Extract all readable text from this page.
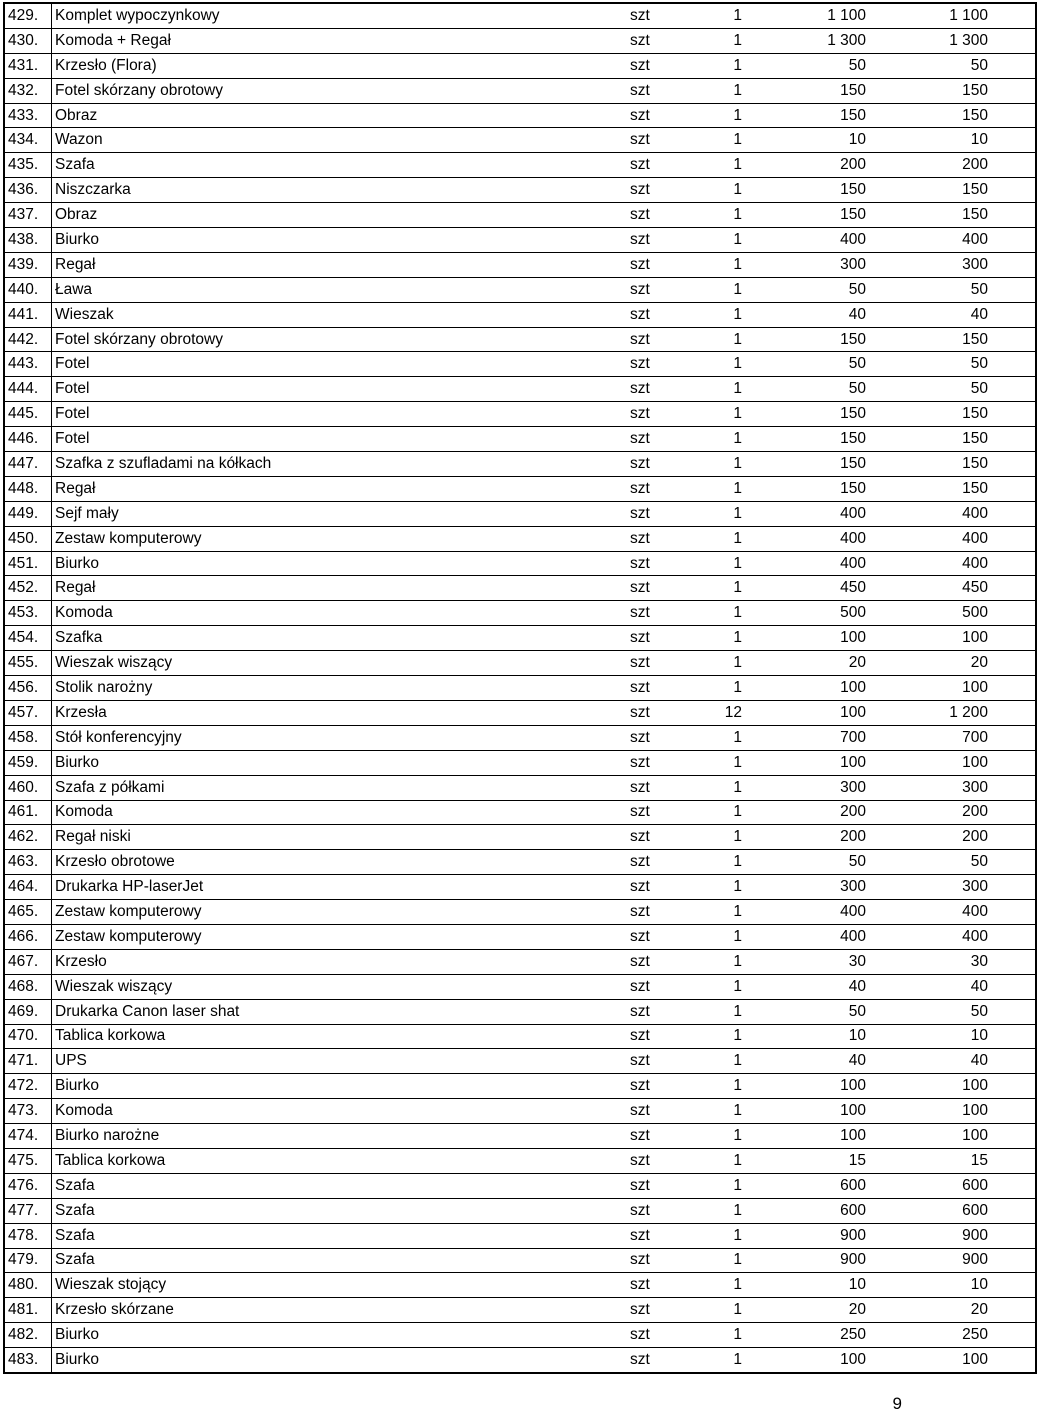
429.	Komplet wypoczynkowy	szt	1	1 100	1 100
430.	Komoda + Regał	szt	1	1 300	1 300
431.	Krzesło (Flora)	szt	1	50	50
432.	Fotel skórzany obrotowy	szt	1	150	150
433.	Obraz	szt	1	150	150
434.	Wazon	szt	1	10	10
435.	Szafa	szt	1	200	200
436.	Niszczarka	szt	1	150	150
437.	Obraz	szt	1	150	150
438.	Biurko	szt	1	400	400
439.	Regał	szt	1	300	300
440.	Ława	szt	1	50	50
441.	Wieszak	szt	1	40	40
442.	Fotel skórzany obrotowy	szt	1	150	150
443.	Fotel	szt	1	50	50
444.	Fotel	szt	1	50	50
445.	Fotel	szt	1	150	150
446.	Fotel	szt	1	150	150
447.	Szafka z szufladami na kółkach	szt	1	150	150
448.	Regał	szt	1	150	150
449.	Sejf mały	szt	1	400	400
450.	Zestaw komputerowy	szt	1	400	400
451.	Biurko	szt	1	400	400
452.	Regał	szt	1	450	450
453.	Komoda	szt	1	500	500
454.	Szafka	szt	1	100	100
455.	Wieszak wiszący	szt	1	20	20
456.	Stolik narożny	szt	1	100	100
457.	Krzesła	szt	12	100	1 200
458.	Stół konferencyjny	szt	1	700	700
459.	Biurko	szt	1	100	100
460.	Szafa z półkami	szt	1	300	300
461.	Komoda	szt	1	200	200
462.	Regał niski	szt	1	200	200
463.	Krzesło obrotowe	szt	1	50	50
464.	Drukarka HP-laserJet	szt	1	300	300
465.	Zestaw komputerowy	szt	1	400	400
466.	Zestaw komputerowy	szt	1	400	400
467.	Krzesło	szt	1	30	30
468.	Wieszak wiszący	szt	1	40	40
469.	Drukarka Canon laser shat	szt	1	50	50
470.	Tablica korkowa	szt	1	10	10
471.	UPS	szt	1	40	40
472.	Biurko	szt	1	100	100
473.	Komoda	szt	1	100	100
474.	Biurko narożne	szt	1	100	100
475.	Tablica korkowa	szt	1	15	15
476.	Szafa	szt	1	600	600
477.	Szafa	szt	1	600	600
478.	Szafa	szt	1	900	900
479.	Szafa	szt	1	900	900
480.	Wieszak stojący	szt	1	10	10
481.	Krzesło skórzane	szt	1	20	20
482.	Biurko	szt	1	250	250
483.	Biurko	szt	1	100	100
9
